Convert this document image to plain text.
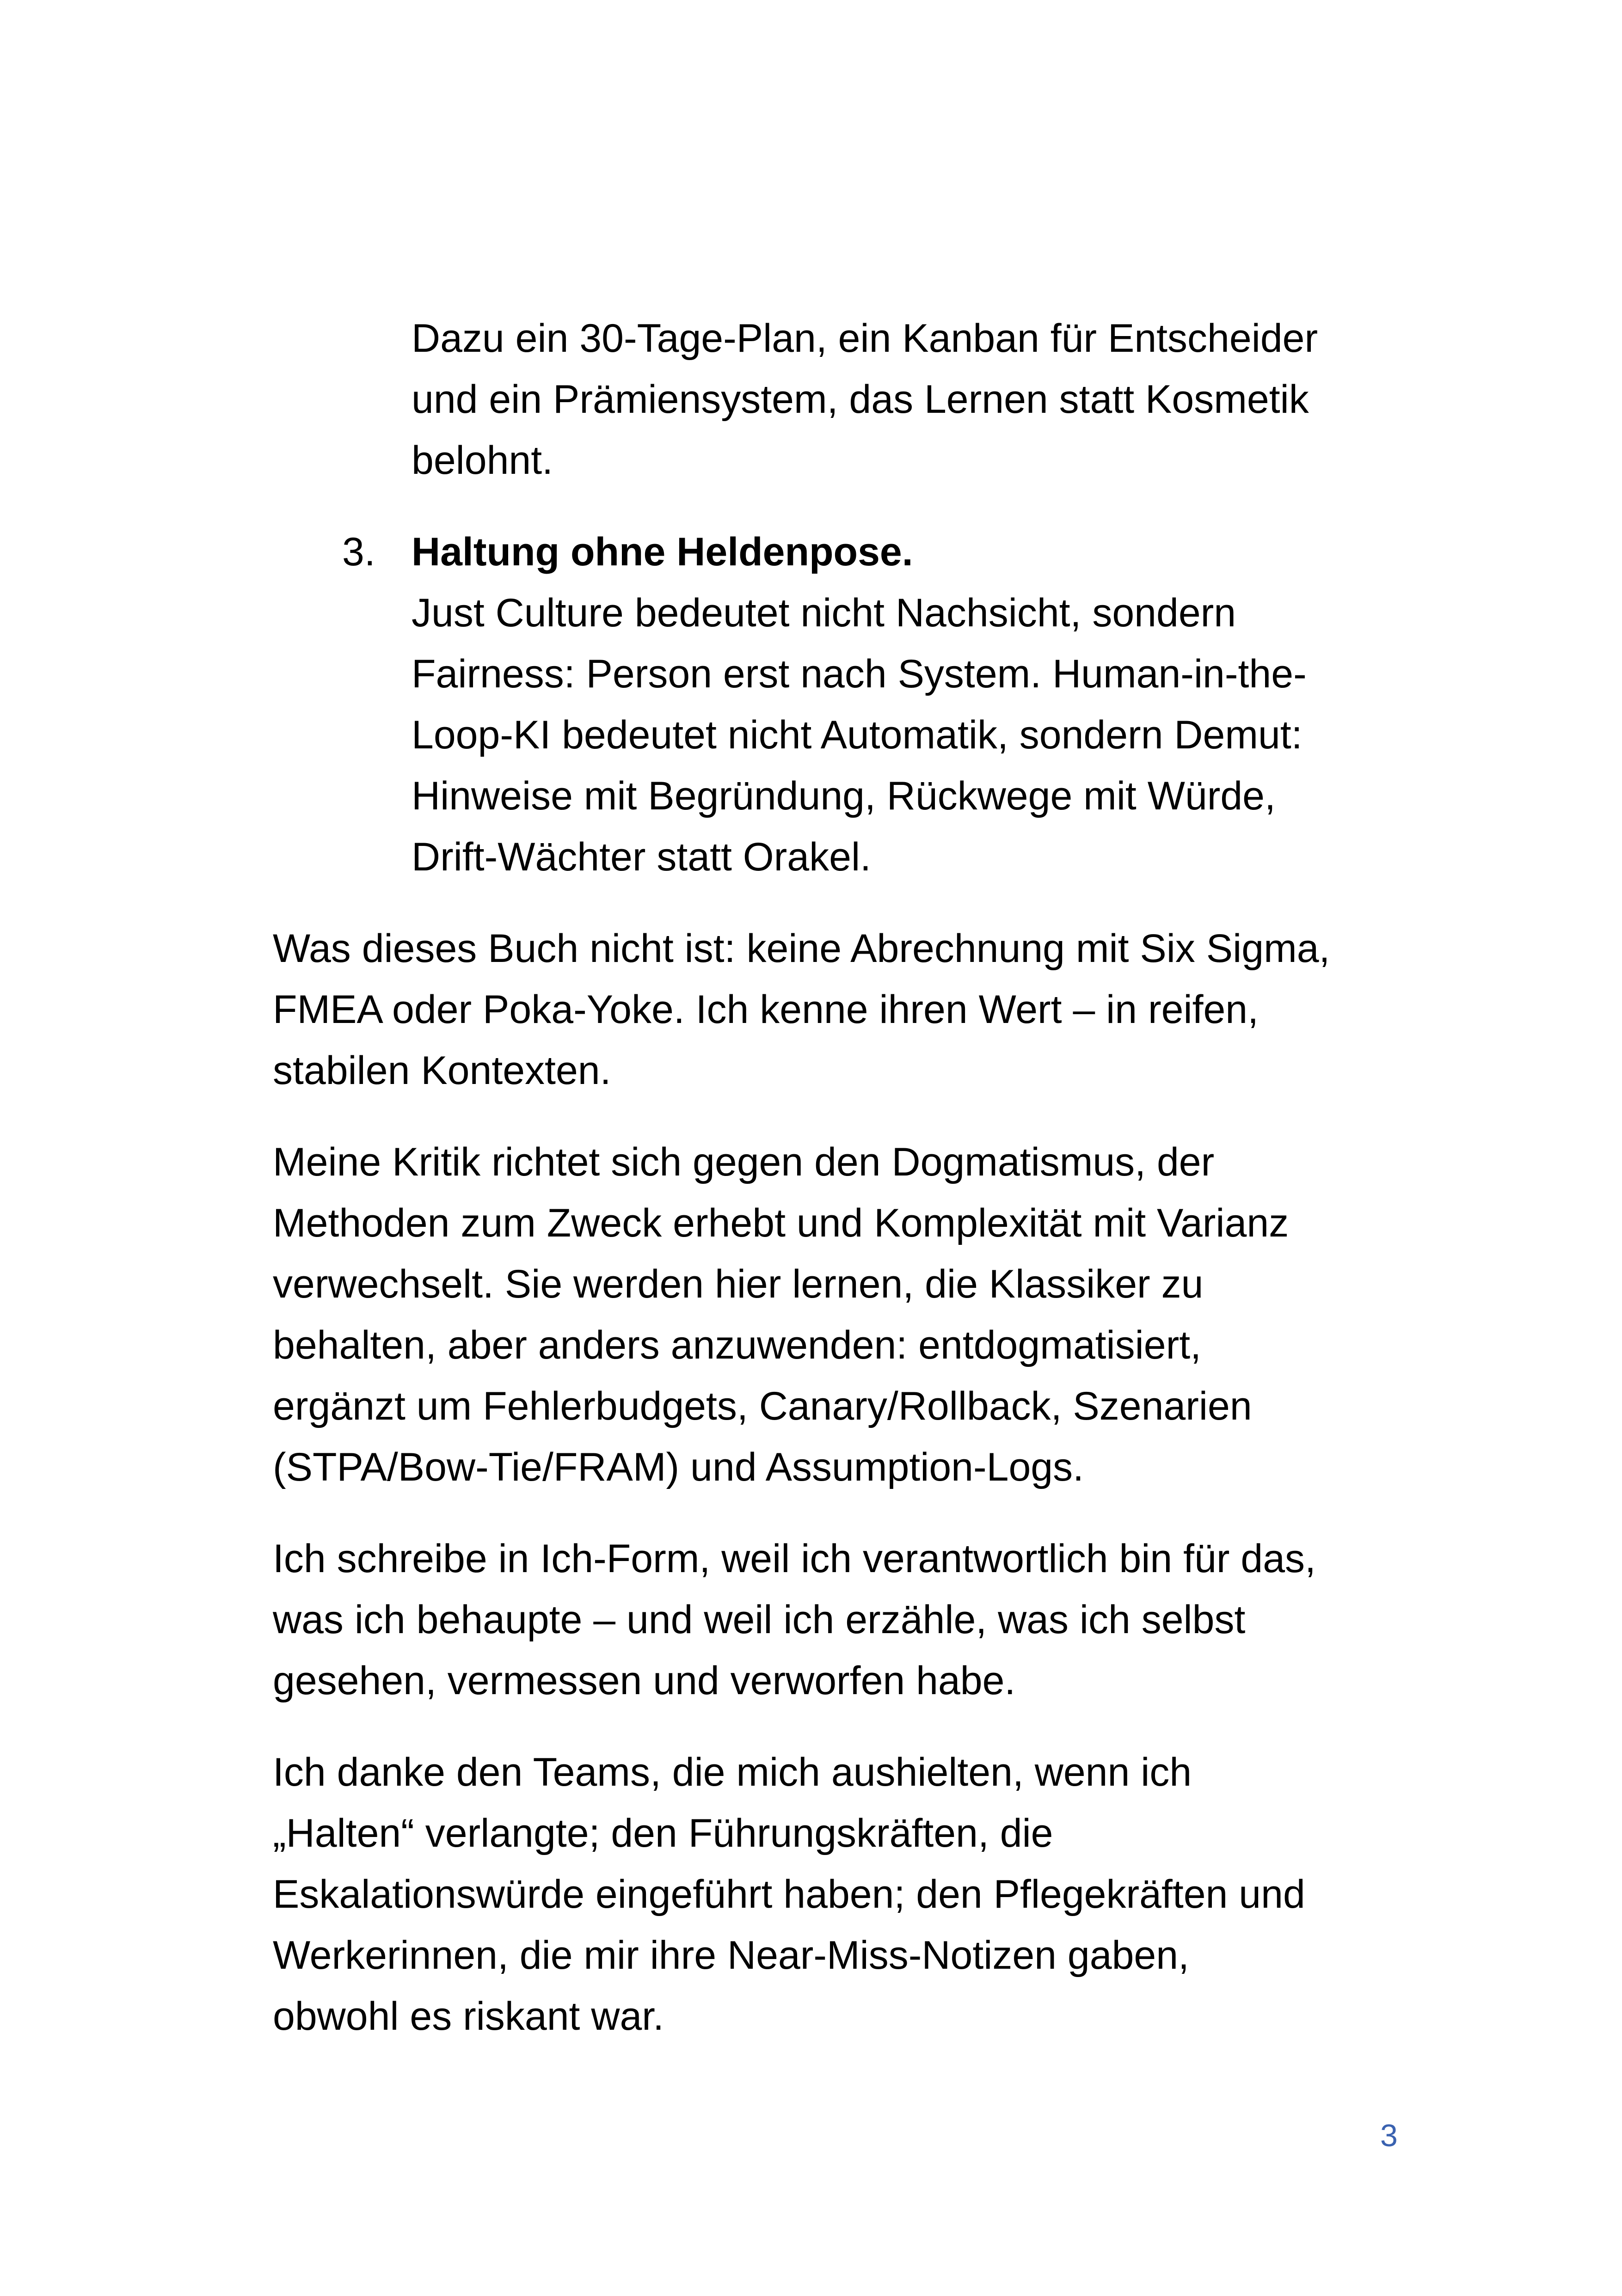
Dazu ein 30-Tage-Plan, ein Kanban für Entscheider
und ein Prämiensystem, das Lernen statt Kosmetik
belohnt.

3. Haltung ohne Heldenpose.
Just Culture bedeutet nicht Nachsicht, sondern
Fairness: Person erst nach System. Human-in-the-
Loop-KI bedeutet nicht Automatik, sondern Demut:
Hinweise mit Begründung, Rückwege mit Würde,
Drift-Wächter statt Orakel.

Was dieses Buch nicht ist: keine Abrechnung mit Six Sigma,
FMEA oder Poka-Yoke. Ich kenne ihren Wert – in reifen,
stabilen Kontexten.

Meine Kritik richtet sich gegen den Dogmatismus, der
Methoden zum Zweck erhebt und Komplexität mit Varianz
verwechselt. Sie werden hier lernen, die Klassiker zu
behalten, aber anders anzuwenden: entdogmatisiert,
ergänzt um Fehlerbudgets, Canary/Rollback, Szenarien
(STPA/Bow-Tie/FRAM) und Assumption-Logs.

Ich schreibe in Ich-Form, weil ich verantwortlich bin für das,
was ich behaupte – und weil ich erzähle, was ich selbst
gesehen, vermessen und verworfen habe.

Ich danke den Teams, die mich aushielten, wenn ich
„Halten“ verlangte; den Führungskräften, die
Eskalationswürde eingeführt haben; den Pflegekräften und
Werkerinnen, die mir ihre Near-Miss-Notizen gaben,
obwohl es riskant war.

3
